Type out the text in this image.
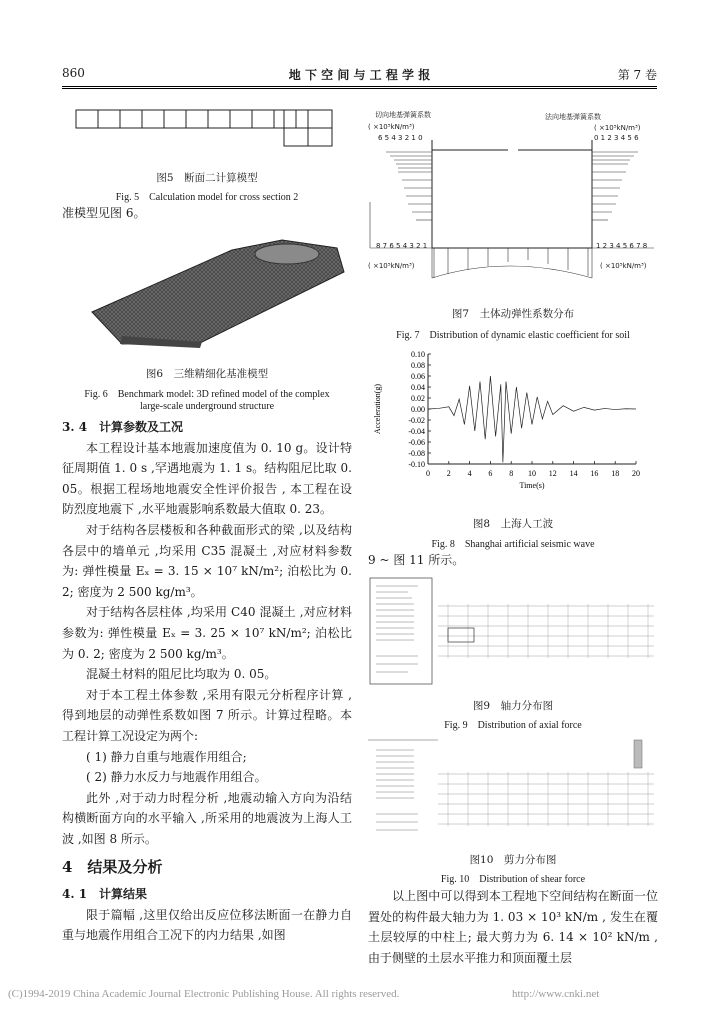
860	地 下 空 间 与 工 程 学 报	第 7 卷
图5　断面二计算模型
Fig. 5　Calculation model for cross section 2
准模型见图 6。
图6　三维精细化基准模型
Fig. 6　Benchmark model: 3D refined model of the complex
large-scale underground structure

3. 4　计算参数及工况

本工程设计基本地震加速度值为 0. 10 g。设计特征周期值 1. 0 s ,罕遇地震为 1. 1 s。结构阻尼比取 0. 05。根据工程场地地震安全性评价报告 , 本工程在设防烈度地震下 ,水平地震影响系数最大值取 0. 23。

对于结构各层楼板和各种截面形式的梁 ,以及结构各层中的墙单元 ,均采用 C35 混凝土 ,对应材料参数为: 弹性模量 Eₓ = 3. 15 × 10⁷ kN/m²; 泊松比为 0. 2; 密度为 2 500 kg/m³。

对于结构各层柱体 ,均采用 C40 混凝土 ,对应材料参数为: 弹性模量 Eₓ = 3. 25 × 10⁷ kN/m²; 泊松比为 0. 2; 密度为 2 500 kg/m³。

混凝土材料的阻尼比均取为 0. 05。

对于本工程土体参数 ,采用有限元分析程序计算 ,得到地层的动弹性系数如图 7 所示。计算过程略。本工程计算工况设定为两个:

( 1) 静力自重与地震作用组合;

( 2) 静力水反力与地震作用组合。

此外 ,对于动力时程分析 ,地震动输入方向为沿结构横断面方向的水平输入 ,所采用的地震波为上海人工波 ,如图 8 所示。

4　结果及分析

4. 1　计算结果

限于篇幅 ,这里仅给出反应位移法断面一在静力自重与地震作用组合工况下的内力结果 ,如图

切向地基弹簧系数	法向地基弹簧系数
( ×10⁵kN/m³)	( ×10⁵kN/m³)
6 5 4 3 2 1 0	0 1 2 3 4 5 6
8 7 6 5 4 3 2 1	1 2 3 4 5 6 7 8
( ×10⁵kN/m³)	( ×10⁵kN/m³)
图7　土体动弹性系数分布
Fig. 7　Distribution of dynamic elastic coefficient for soil
0.10
0.08
0.06
0.04
0.02
0.00
-0.02
-0.04
-0.06
-0.08
-0.10
0 2 4 6 8 10 12 14 16 18 20
Time(s)
Acceleration(g)
图8　上海人工波
Fig. 8　Shanghai artificial seismic wave
9 ~ 图 11 所示。
图9　轴力分布图
Fig. 9　Distribution of axial force
图10　剪力分布图
Fig. 10　Distribution of shear force
以上图中可以得到本工程地下空间结构在断面一位置处的构件最大轴力为 1. 03 × 10³ kN/m , 发生在覆土层较厚的中柱上; 最大剪力为 6. 14 × 10² kN/m ,由于侧壁的土层水平推力和顶面覆土层
(C)1994-2019 China Academic Journal Electronic Publishing House. All rights reserved.	http://www.cnki.net
